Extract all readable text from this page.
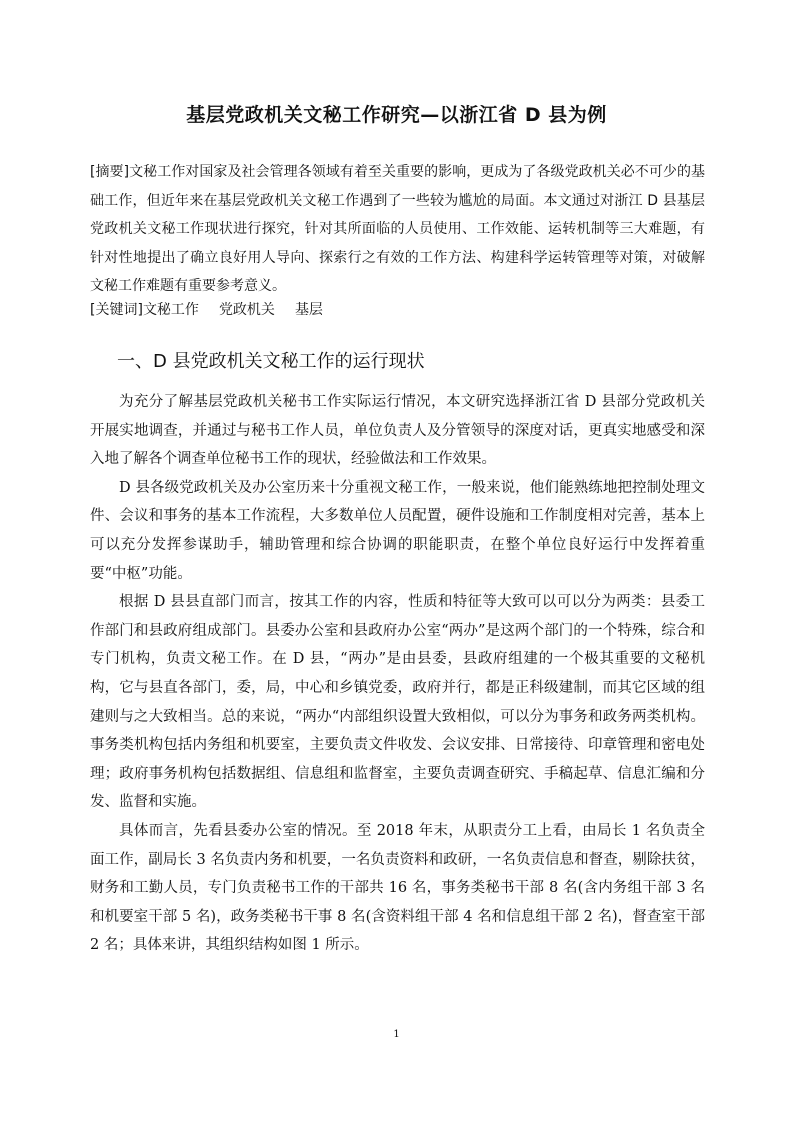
基层党政机关文秘工作研究—以浙江省 D 县为例
[摘要]文秘工作对国家及社会管理各领域有着至关重要的影响，更成为了各级党政机关必不可少的基础工作，但近年来在基层党政机关文秘工作遇到了一些较为尴尬的局面。本文通过对浙江 D 县基层党政机关文秘工作现状进行探究，针对其所面临的人员使用、工作效能、运转机制等三大难题，有针对性地提出了确立良好用人导向、探索行之有效的工作方法、构建科学运转管理等对策，对破解文秘工作难题有重要参考意义。
[关键词]文秘工作 党政机关 基层
一、D 县党政机关文秘工作的运行现状

为充分了解基层党政机关秘书工作实际运行情况，本文研究选择浙江省 D 县部分党政机关开展实地调查，并通过与秘书工作人员，单位负责人及分管领导的深度对话，更真实地感受和深入地了解各个调查单位秘书工作的现状，经验做法和工作效果。

D 县各级党政机关及办公室历来十分重视文秘工作，一般来说，他们能熟练地把控制处理文件、会议和事务的基本工作流程，大多数单位人员配置，硬件设施和工作制度相对完善，基本上可以充分发挥参谋助手，辅助管理和综合协调的职能职责，在整个单位良好运行中发挥着重要“中枢”功能。

根据 D 县县直部门而言，按其工作的内容，性质和特征等大致可以可以分为两类：县委工作部门和县政府组成部门。县委办公室和县政府办公室“两办”是这两个部门的一个特殊，综合和专门机构，负责文秘工作。在 D 县，“两办”是由县委，县政府组建的一个极其重要的文秘机构，它与县直各部门，委，局，中心和乡镇党委，政府并行，都是正科级建制，而其它区域的组建则与之大致相当。总的来说，“两办“内部组织设置大致相似，可以分为事务和政务两类机构。事务类机构包括内务组和机要室，主要负责文件收发、会议安排、日常接待、印章管理和密电处理；政府事务机构包括数据组、信息组和监督室，主要负责调查研究、手稿起草、信息汇编和分发、监督和实施。

具体而言，先看县委办公室的情况。至 2018 年末，从职责分工上看，由局长 1 名负责全面工作，副局长 3 名负责内务和机要，一名负责资料和政研，一名负责信息和督查，剔除扶贫，财务和工勤人员，专门负责秘书工作的干部共 16 名，事务类秘书干部 8 名(含内务组干部 3 名和机要室干部 5 名)，政务类秘书干事 8 名(含资料组干部 4 名和信息组干部 2 名)，督查室干部 2 名；具体来讲，其组织结构如图 1 所示。

1
